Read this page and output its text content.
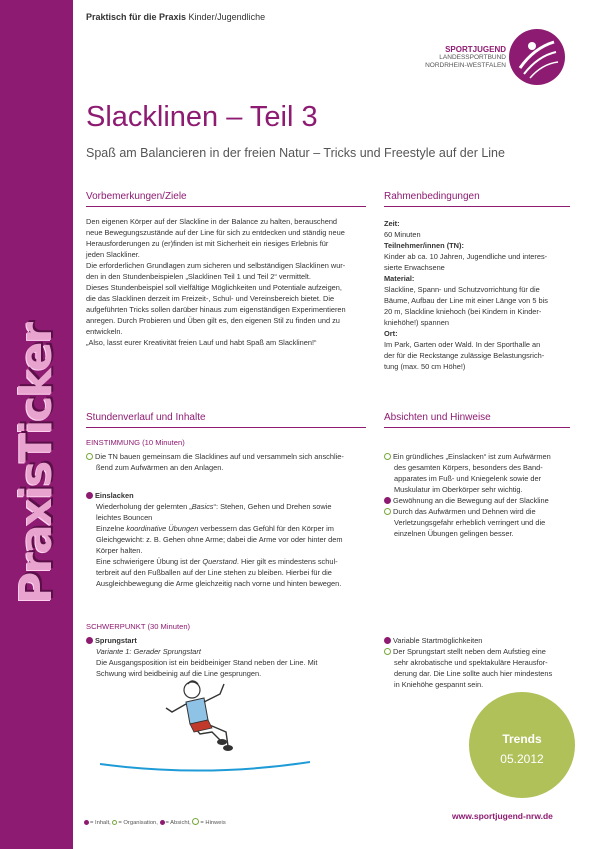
PraxisTicker
Praktisch für die Praxis Kinder/Jugendliche
SPORTJUGEND
LANDESSPORTBUND
NORDRHEIN-WESTFALEN
Slacklinen – Teil 3
Spaß am Balancieren in der freien Natur – Tricks und Freestyle auf der Line
Vorbemerkungen/Ziele

Den eigenen Körper auf der Slackline in der Balance zu halten, berauschend

neue Bewegungszustände auf der Line für sich zu entdecken und ständig neue

Herausforderungen zu (er)finden ist mit Sicherheit ein riesiges Erlebnis für

jeden Slackliner.

Die erforderlichen Grundlagen zum sicheren und selbständigen Slacklinen wur-

den in den Stundenbeispielen „Slacklinen Teil 1 und Teil 2“ vermittelt.

Dieses Stundenbeispiel soll vielfältige Möglichkeiten und Potentiale aufzeigen,

die das Slacklinen derzeit im Freizeit-, Schul- und Vereinsbereich bietet. Die

aufgeführten Tricks sollen darüber hinaus zum eigenständigen Experimentieren

anregen. Durch Probieren und Üben gilt es, den eigenen Stil zu finden und zu

entwickeln.

„Also, lasst eurer Kreativität freien Lauf und habt Spaß am Slacklinen!“

Rahmenbedingungen

Zeit:

60 Minuten

Teilnehmer/innen (TN):

Kinder ab ca. 10 Jahren, Jugendliche und interes-

sierte Erwachsene

Material:

Slackline, Spann- und Schutzvorrichtung für die

Bäume, Aufbau der Line mit einer Länge von 5 bis

20 m, Slackline kniehoch (bei Kindern in Kinder-

kniehöhe!) spannen

Ort:

Im Park, Garten oder Wald. In der Sporthalle an

der für die Reckstange zulässige Belastungsrich-

tung (max. 50 cm Höhe!)

Stundenverlauf und Inhalte
EINSTIMMUNG (10 Minuten)

Die TN bauen gemeinsam die Slacklines auf und versammeln sich anschlie-

ßend zum Aufwärmen an den Anlagen.

Einslacken

Wiederholung der gelernten „Basics“: Stehen, Gehen und Drehen sowie

leichtes Bouncen

Einzelne koordinative Übungen verbessern das Gefühl für den Körper im

Gleichgewicht: z. B. Gehen ohne Arme; dabei die Arme vor oder hinter dem

Körper halten.

Eine schwierigere Übung ist der Querstand. Hier gilt es mindestens schul-

terbreit auf den Fußballen auf der Line stehen zu bleiben. Hierbei für die

Ausgleichbewegung die Arme gleichzeitig nach vorne und hinten bewegen.

SCHWERPUNKT (30 Minuten)

Sprungstart

Variante 1: Gerader Sprungstart

Die Ausgangsposition ist ein beidbeiniger Stand neben der Line. Mit

Schwung wird beidbeinig auf die Line gesprungen.

Absichten und Hinweise

Ein gründliches „Einslacken“ ist zum Aufwärmen

des gesamten Körpers, besonders des Band-

apparates im Fuß- und Kniegelenk sowie der

Muskulatur im Oberkörper sehr wichtig.

Gewöhnung an die Bewegung auf der Slackline

Durch das Aufwärmen und Dehnen wird die

Verletzungsgefahr erheblich verringert und die

einzelnen Übungen gelingen besser.

Variable Startmöglichkeiten

Der Sprungstart stellt neben dem Aufstieg eine

sehr akrobatische und spektakuläre Herausfor-

derung dar. Die Line sollte auch hier mindestens

in Kniehöhe gespannt sein.

Trends
05.2012
www.sportjugend-nrw.de
= Inhalt, = Organisation, = Absicht, = Hinweis
